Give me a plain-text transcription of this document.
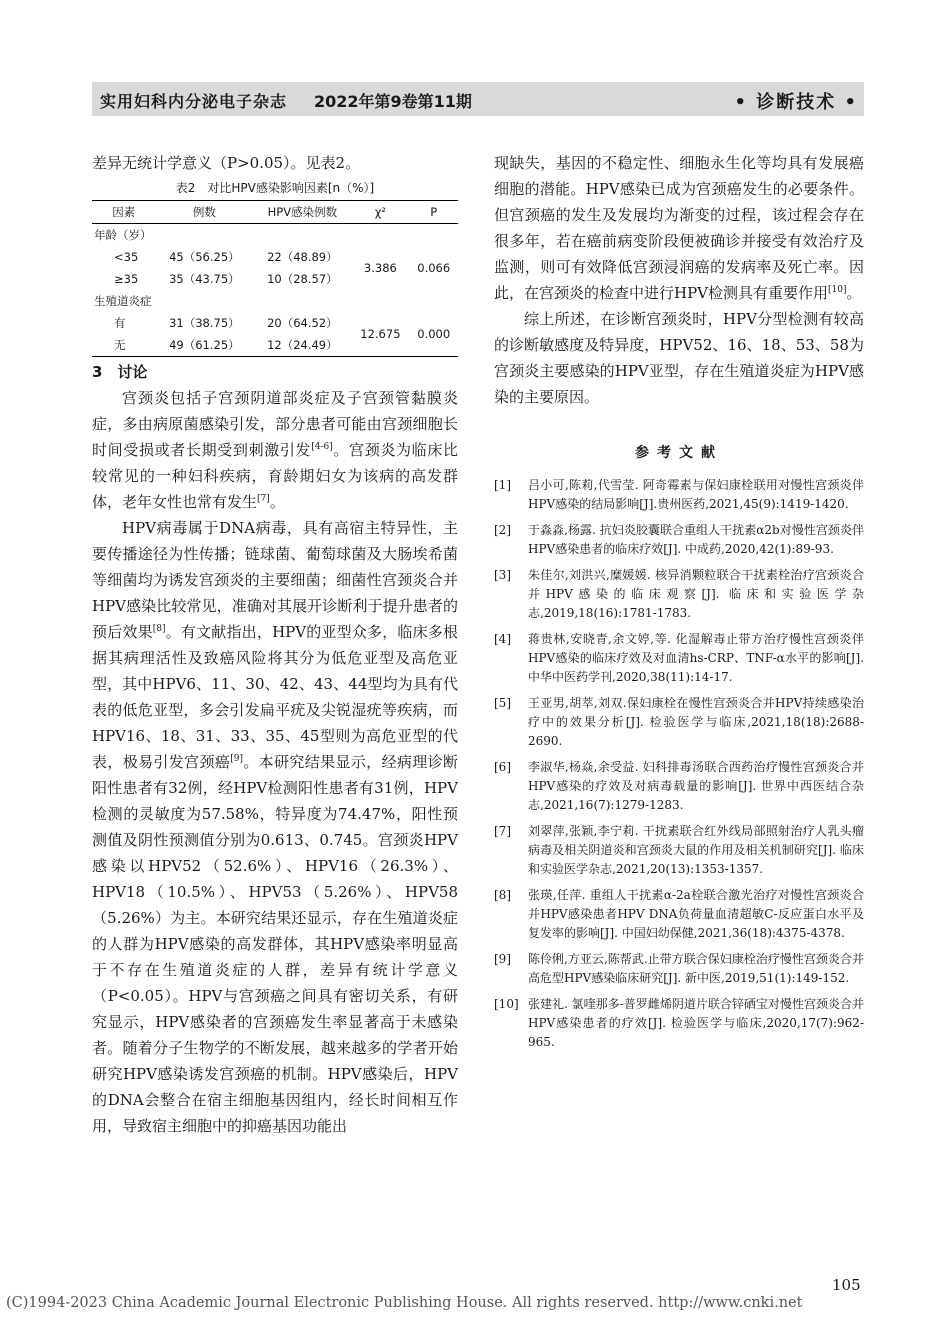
实用妇科内分泌电子杂志 2022年第9卷第11期	• 诊断技术 •

差异无统计学意义（P>0.05）。见表2。

表2　对比HPV感染影响因素[n（%）]
因素	例数	HPV感染例数	χ²	P
年龄（岁）				
<35	45（56.25）	22（48.89）	3.386	0.066
≥35	35（43.75）	10（28.57）		
生殖道炎症				
有	31（38.75）	20（64.52）	12.675	0.000
无	49（61.25）	12（24.49）		
3　讨论

宫颈炎包括子宫颈阴道部炎症及子宫颈管黏膜炎症，多由病原菌感染引发，部分患者可能由宫颈细胞长时间受损或者长期受到刺激引发[4-6]。宫颈炎为临床比较常见的一种妇科疾病，育龄期妇女为该病的高发群体，老年女性也常有发生[7]。

HPV病毒属于DNA病毒，具有高宿主特异性，主要传播途径为性传播；链球菌、葡萄球菌及大肠埃希菌等细菌均为诱发宫颈炎的主要细菌；细菌性宫颈炎合并HPV感染比较常见，准确对其展开诊断利于提升患者的预后效果[8]。有文献指出，HPV的亚型众多，临床多根据其病理活性及致癌风险将其分为低危亚型及高危亚型，其中HPV6、11、30、42、43、44型均为具有代表的低危亚型，多会引发扁平疣及尖锐湿疣等疾病，而HPV16、18、31、33、35、45型则为高危亚型的代表，极易引发宫颈癌[9]。本研究结果显示，经病理诊断阳性患者有32例，经HPV检测阳性患者有31例，HPV检测的灵敏度为57.58%，特异度为74.47%，阳性预测值及阴性预测值分别为0.613、0.745。宫颈炎HPV感染以HPV52（52.6%）、HPV16（26.3%）、HPV18（10.5%）、HPV53（5.26%）、HPV58（5.26%）为主。本研究结果还显示，存在生殖道炎症的人群为HPV感染的高发群体，其HPV感染率明显高于不存在生殖道炎症的人群，差异有统计学意义（P<0.05）。HPV与宫颈癌之间具有密切关系，有研究显示，HPV感染者的宫颈癌发生率显著高于未感染者。随着分子生物学的不断发展，越来越多的学者开始研究HPV感染诱发宫颈癌的机制。HPV感染后，HPV的DNA会整合在宿主细胞基因组内，经长时间相互作用，导致宿主细胞中的抑癌基因功能出

现缺失，基因的不稳定性、细胞永生化等均具有发展癌细胞的潜能。HPV感染已成为宫颈癌发生的必要条件。但宫颈癌的发生及发展均为渐变的过程，该过程会存在很多年，若在癌前病变阶段便被确诊并接受有效治疗及监测，则可有效降低宫颈浸润癌的发病率及死亡率。因此，在宫颈炎的检查中进行HPV检测具有重要作用[10]。

综上所述，在诊断宫颈炎时，HPV分型检测有较高的诊断敏感度及特异度，HPV52、16、18、53、58为宫颈炎主要感染的HPV亚型，存在生殖道炎症为HPV感染的主要原因。

参考文献
[1] 吕小可,陈莉,代雪莹. 阿奇霉素与保妇康栓联用对慢性宫颈炎伴HPV感染的结局影响[J].贵州医药,2021,45(9):1419-1420.
[2] 于淼淼,杨露. 抗妇炎胶囊联合重组人干扰素α2b对慢性宫颈炎伴HPV感染患者的临床疗效[J]. 中成药,2020,42(1):89-93.
[3] 朱佳尔,刘洪兴,糜媛媛. 核异消颗粒联合干扰素栓治疗宫颈炎合并HPV感染的临床观察[J]. 临床和实验医学杂志,2019,18(16):1781-1783.
[4] 蒋贵林,安晓青,余文婷,等. 化湿解毒止带方治疗慢性宫颈炎伴HPV感染的临床疗效及对血清hs-CRP、TNF-α水平的影响[J]. 中华中医药学刊,2020,38(11):14-17.
[5] 王亚男,胡萃,刘双.保妇康栓在慢性宫颈炎合并HPV持续感染治疗中的效果分析[J]. 检验医学与临床,2021,18(18):2688-2690.
[6] 李淑华,杨焱,余受益. 妇科排毒汤联合西药治疗慢性宫颈炎合并HPV感染的疗效及对病毒载量的影响[J]. 世界中西医结合杂志,2021,16(7):1279-1283.
[7] 刘翠萍,张颖,李宁莉. 干扰素联合红外线局部照射治疗人乳头瘤病毒及相关阴道炎和宫颈炎大鼠的作用及相关机制研究[J]. 临床和实验医学杂志,2021,20(13):1353-1357.
[8] 张瑛,任萍. 重组人干扰素α-2a栓联合激光治疗对慢性宫颈炎合并HPV感染患者HPV DNA负荷量血清超敏C-反应蛋白水平及复发率的影响[J]. 中国妇幼保健,2021,36(18):4375-4378.
[9] 陈伶俐,方亚云,陈帮武.止带方联合保妇康栓治疗慢性宫颈炎合并高危型HPV感染临床研究[J]. 新中医,2019,51(1):149-152.
[10] 张建礼. 氯喹那多-普罗雌烯阴道片联合锌硒宝对慢性宫颈炎合并HPV感染患者的疗效[J]. 检验医学与临床,2020,17(7):962-965.
105
(C)1994-2023 China Academic Journal Electronic Publishing House. All rights reserved. http://www.cnki.net
